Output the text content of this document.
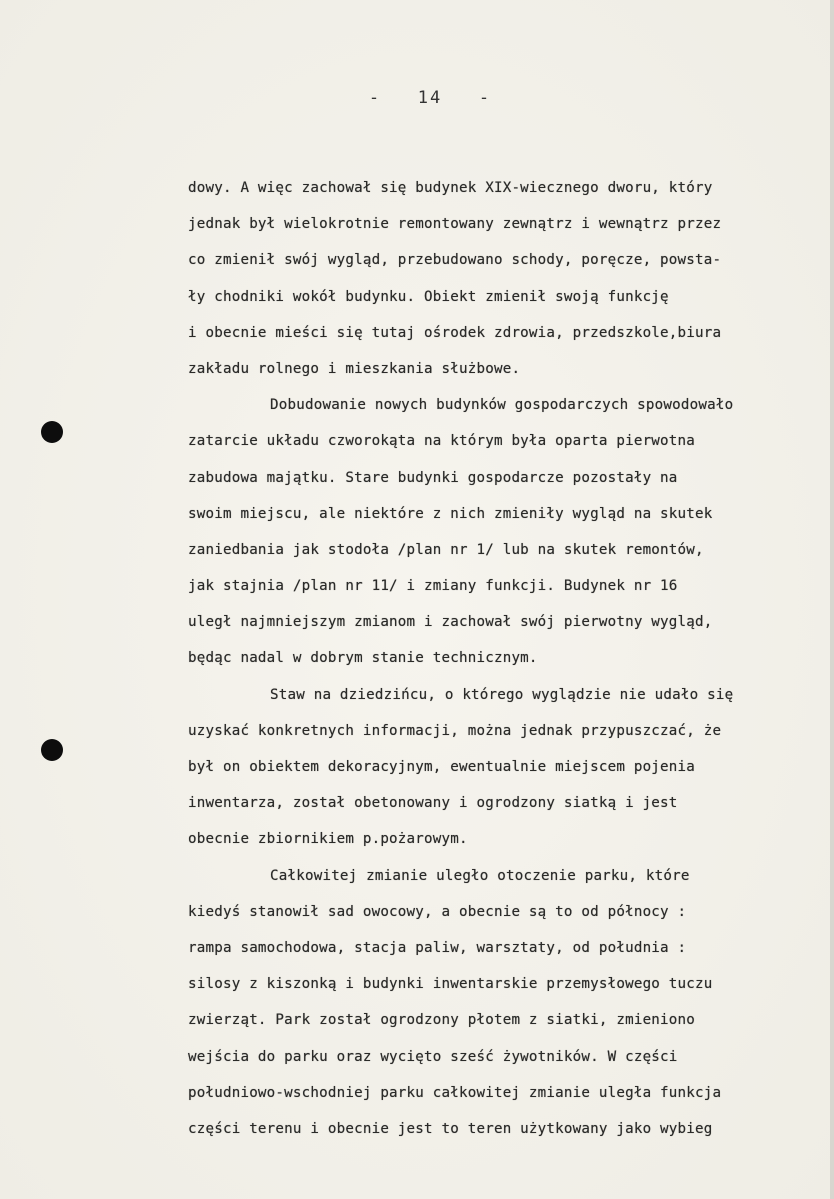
-   14   -
dowy. A więc zachował się budynek XIX-wiecznego dworu, który
jednak był wielokrotnie remontowany zewnątrz i wewnątrz przez
co zmienił swój wygląd, przebudowano schody, poręcze, powsta-
ły chodniki wokół budynku. Obiekt zmienił swoją funkcję
i obecnie mieści się tutaj ośrodek zdrowia, przedszkole,biura
zakładu rolnego i mieszkania służbowe.
Dobudowanie nowych budynków gospodarczych spowodowało
zatarcie układu czworokąta na którym była oparta pierwotna
zabudowa majątku. Stare budynki gospodarcze pozostały na
swoim miejscu, ale niektóre z nich zmieniły wygląd na skutek
zaniedbania jak stodoła /plan nr 1/ lub na skutek remontów,
jak stajnia /plan nr 11/ i zmiany funkcji. Budynek nr 16
uległ najmniejszym zmianom i zachował swój pierwotny wygląd,
będąc nadal w dobrym stanie technicznym.
Staw na dziedzińcu, o którego wyglądzie nie udało się
uzyskać konkretnych informacji, można jednak przypuszczać, że
był on obiektem dekoracyjnym, ewentualnie miejscem pojenia
inwentarza, został obetonowany i ogrodzony siatką i jest
obecnie zbiornikiem p.pożarowym.
Całkowitej zmianie uległo otoczenie parku, które
kiedyś stanowił sad owocowy, a obecnie są to od północy :
rampa samochodowa, stacja paliw, warsztaty, od południa :
silosy z kiszonką i budynki inwentarskie przemysłowego tuczu
zwierząt. Park został ogrodzony płotem z siatki, zmieniono
wejścia do parku oraz wycięto sześć żywotników. W części
południowo-wschodniej parku całkowitej zmianie uległa funkcja
części terenu i obecnie jest to teren użytkowany jako wybieg
